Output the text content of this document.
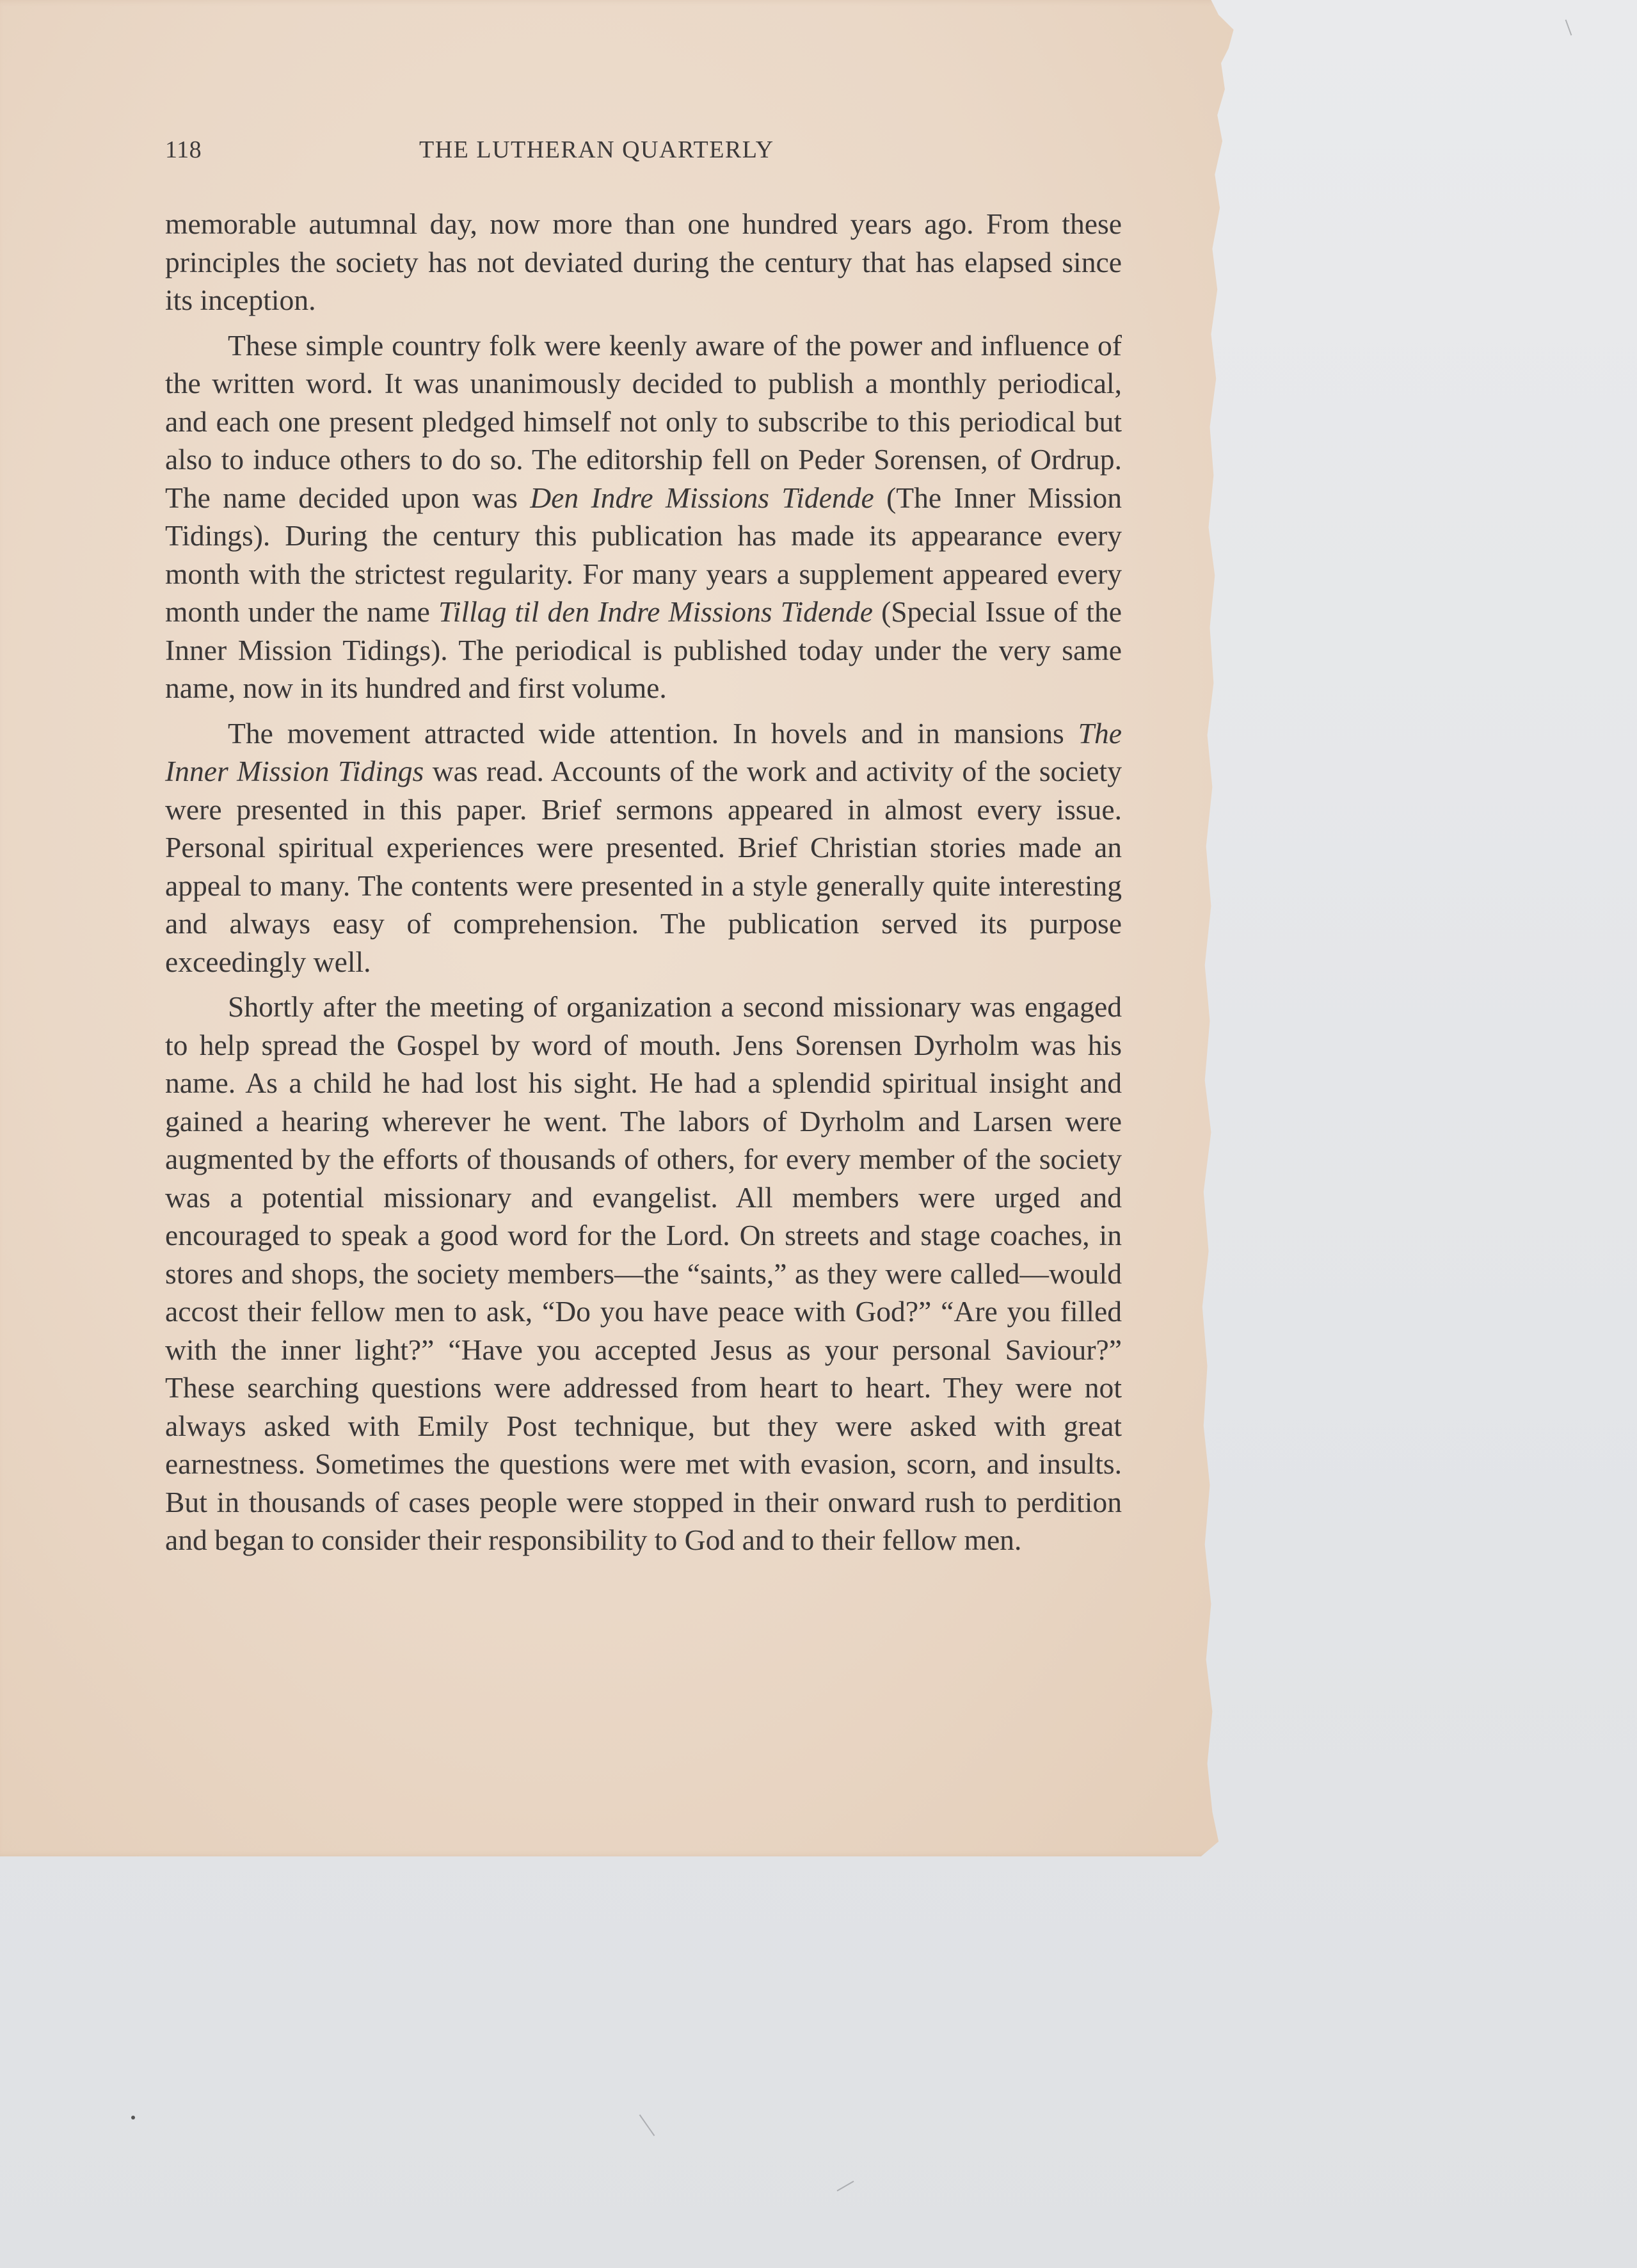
118	THE LUTHERAN QUARTERLY

memorable autumnal day, now more than one hundred years ago. From these principles the society has not deviated during the century that has elapsed since its inception.

These simple country folk were keenly aware of the power and influence of the written word. It was unanimously decided to publish a monthly periodical, and each one present pledged himself not only to subscribe to this periodical but also to induce others to do so. The editorship fell on Peder Sorensen, of Ordrup. The name decided upon was Den Indre Missions Tidende (The Inner Mission Tidings). During the century this publication has made its appearance every month with the strictest regularity. For many years a supplement appeared every month under the name Tillag til den Indre Missions Tidende (Special Issue of the Inner Mission Tidings). The periodical is published today under the very same name, now in its hundred and first volume.

The movement attracted wide attention. In hovels and in mansions The Inner Mission Tidings was read. Accounts of the work and activity of the society were presented in this paper. Brief sermons appeared in almost every issue. Personal spiritual experiences were presented. Brief Christian stories made an appeal to many. The contents were presented in a style generally quite interesting and always easy of comprehension. The publication served its purpose exceedingly well.

Shortly after the meeting of organization a second missionary was engaged to help spread the Gospel by word of mouth. Jens Sorensen Dyrholm was his name. As a child he had lost his sight. He had a splendid spiritual insight and gained a hearing wherever he went. The labors of Dyrholm and Larsen were augmented by the efforts of thousands of others, for every member of the society was a potential missionary and evangelist. All members were urged and encouraged to speak a good word for the Lord. On streets and stage coaches, in stores and shops, the society members—the “saints,” as they were called—would accost their fellow men to ask, “Do you have peace with God?” “Are you filled with the inner light?” “Have you accepted Jesus as your personal Saviour?” These searching questions were addressed from heart to heart. They were not always asked with Emily Post technique, but they were asked with great earnestness. Sometimes the questions were met with evasion, scorn, and insults. But in thousands of cases people were stopped in their onward rush to perdition and began to consider their responsibility to God and to their fellow men.
